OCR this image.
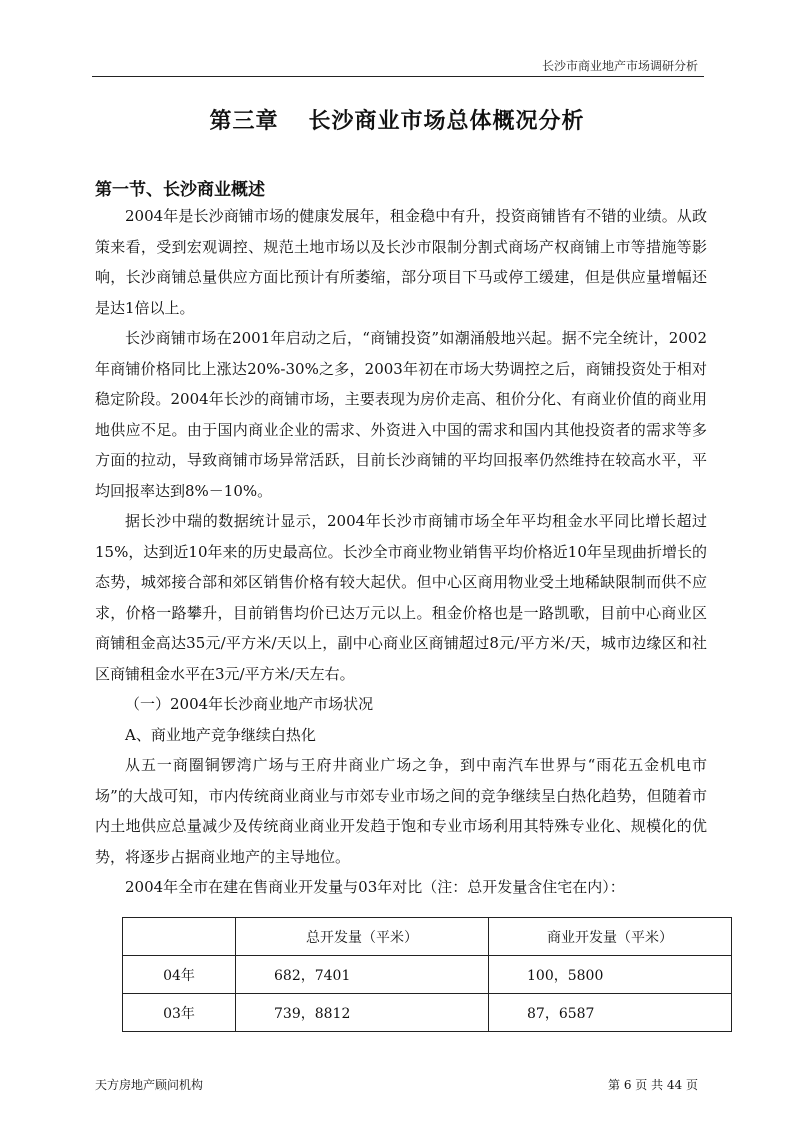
长沙市商业地产市场调研分析
第三章 长沙商业市场总体概况分析
第一节、长沙商业概述

2004年是长沙商铺市场的健康发展年，租金稳中有升，投资商铺皆有不错的业绩。从政策来看，受到宏观调控、规范土地市场以及长沙市限制分割式商场产权商铺上市等措施等影响，长沙商铺总量供应方面比预计有所萎缩，部分项目下马或停工缓建，但是供应量增幅还是达1倍以上。

长沙商铺市场在2001年启动之后，“商铺投资”如潮涌般地兴起。据不完全统计，2002年商铺价格同比上涨达20%-30%之多，2003年初在市场大势调控之后，商铺投资处于相对稳定阶段。2004年长沙的商铺市场，主要表现为房价走高、租价分化、有商业价值的商业用地供应不足。由于国内商业企业的需求、外资进入中国的需求和国内其他投资者的需求等多方面的拉动，导致商铺市场异常活跃，目前长沙商铺的平均回报率仍然维持在较高水平，平均回报率达到8%－10%。

据长沙中瑞的数据统计显示，2004年长沙市商铺市场全年平均租金水平同比增长超过15%，达到近10年来的历史最高位。长沙全市商业物业销售平均价格近10年呈现曲折增长的态势，城郊接合部和郊区销售价格有较大起伏。但中心区商用物业受土地稀缺限制而供不应求，价格一路攀升，目前销售均价已达万元以上。租金价格也是一路凯歌，目前中心商业区商铺租金高达35元/平方米/天以上，副中心商业区商铺超过8元/平方米/天，城市边缘区和社区商铺租金水平在3元/平方米/天左右。

（一）2004年长沙商业地产市场状况

A、商业地产竞争继续白热化

从五一商圈铜锣湾广场与王府井商业广场之争，到中南汽车世界与“雨花五金机电市场”的大战可知，市内传统商业商业与市郊专业市场之间的竞争继续呈白热化趋势，但随着市内土地供应总量减少及传统商业商业开发趋于饱和专业市场利用其特殊专业化、规模化的优势，将逐步占据商业地产的主导地位。

2004年全市在建在售商业开发量与03年对比（注：总开发量含住宅在内）：

	总开发量（平米）	商业开发量（平米）
04年	682，7401	100，5800
03年	739，8812	87，6587
天方房地产顾问机构	第 6 页 共 44 页
